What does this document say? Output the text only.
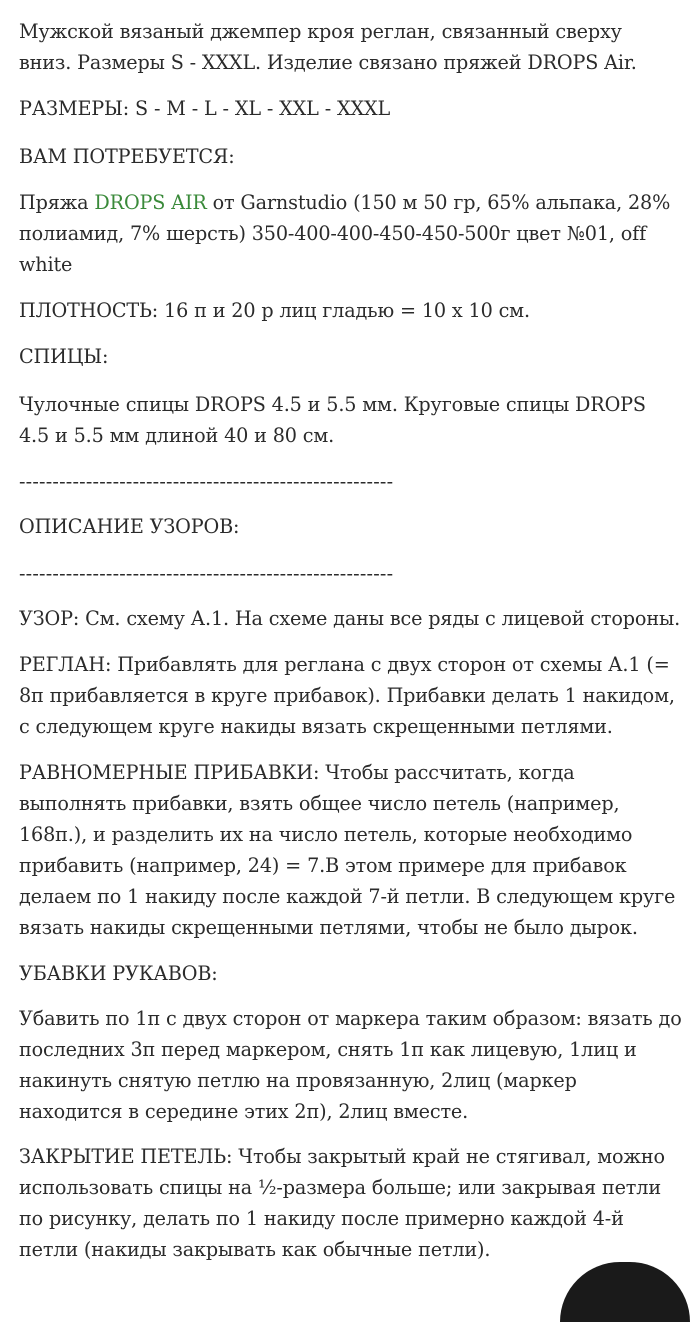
Мужской вязаный джемпер кроя реглан, связанный сверху
вниз. Размеры S - XXXL. Изделие связано пряжей DROPS Air.
РАЗМЕРЫ: S - M - L - XL - XXL - XXXL
ВАМ ПОТРЕБУЕТСЯ:
Пряжа DROPS AIR от Garnstudio (150 м 50 гр, 65% альпака, 28%
полиамид, 7% шерсть) 350-400-400-450-450-500г цвет №01, off
white
ПЛОТНОСТЬ: 16 п и 20 р лиц гладью = 10 х 10 см.
СПИЦЫ:
Чулочные спицы DROPS 4.5 и 5.5 мм. Круговые спицы DROPS
4.5 и 5.5 мм длиной 40 и 80 см.
--------------------------------------------------------
ОПИСАНИЕ УЗОРОВ:
--------------------------------------------------------
УЗОР: См. схему А.1. На схеме даны все ряды с лицевой стороны.
РЕГЛАН: Прибавлять для реглана с двух сторон от схемы А.1 (=
8п прибавляется в круге прибавок). Прибавки делать 1 накидом,
с следующем круге накиды вязать скрещенными петлями.
РАВНОМЕРНЫЕ ПРИБАВКИ: Чтобы рассчитать, когда
выполнять прибавки, взять общее число петель (например,
168п.), и разделить их на число петель, которые необходимо
прибавить (например, 24) = 7.В этом примере для прибавок
делаем по 1 накиду после каждой 7-й петли. В следующем круге
вязать накиды скрещенными петлями, чтобы не было дырок.
УБАВКИ РУКАВОВ:
Убавить по 1п с двух сторон от маркера таким образом: вязать до
последних 3п перед маркером, снять 1п как лицевую, 1лиц и
накинуть снятую петлю на провязанную, 2лиц (маркер
находится в середине этих 2п), 2лиц вместе.
ЗАКРЫТИЕ ПЕТЕЛЬ: Чтобы закрытый край не стягивал, можно
использовать спицы на ½-размера больше; или закрывая петли
по рисунку, делать по 1 накиду после примерно каждой 4-й
петли (накиды закрывать как обычные петли).
